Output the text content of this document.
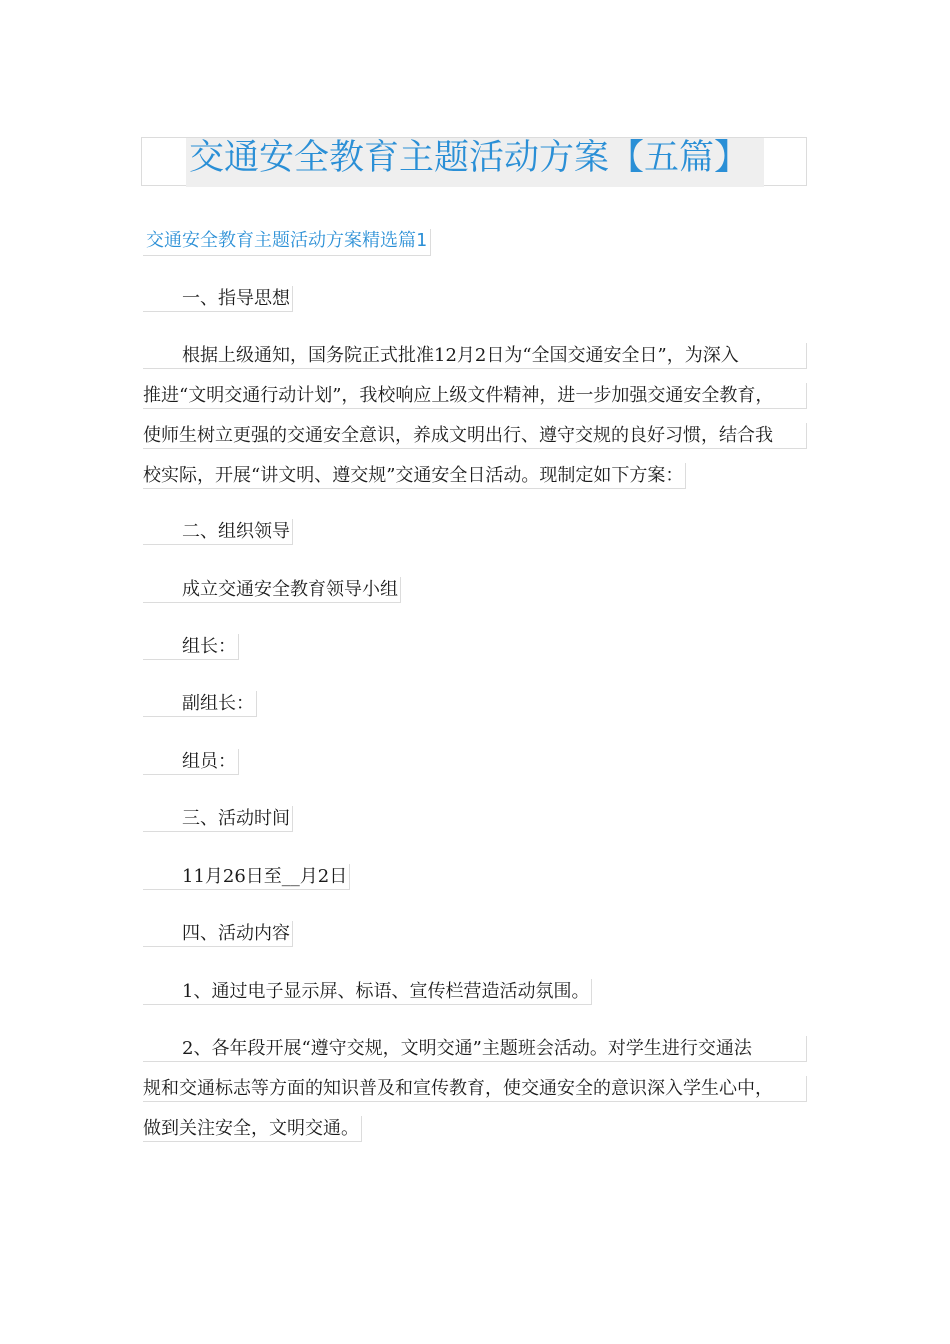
交通安全教育主题活动方案【五篇】
交通安全教育主题活动方案精选篇1

一、指导思想

根据上级通知，国务院正式批准12月2日为“全国交通安全日”，为深入

推进“文明交通行动计划”，我校响应上级文件精神，进一步加强交通安全教育，

使师生树立更强的交通安全意识，养成文明出行、遵守交规的良好习惯，结合我

校实际，开展“讲文明、遵交规”交通安全日活动。现制定如下方案：

二、组织领导

成立交通安全教育领导小组

组长：

副组长：

组员：

三、活动时间

11月26日至__月2日

四、活动内容

1、通过电子显示屏、标语、宣传栏营造活动氛围。

2、各年段开展“遵守交规，文明交通”主题班会活动。对学生进行交通法

规和交通标志等方面的知识普及和宣传教育，使交通安全的意识深入学生心中，

做到关注安全，文明交通。
